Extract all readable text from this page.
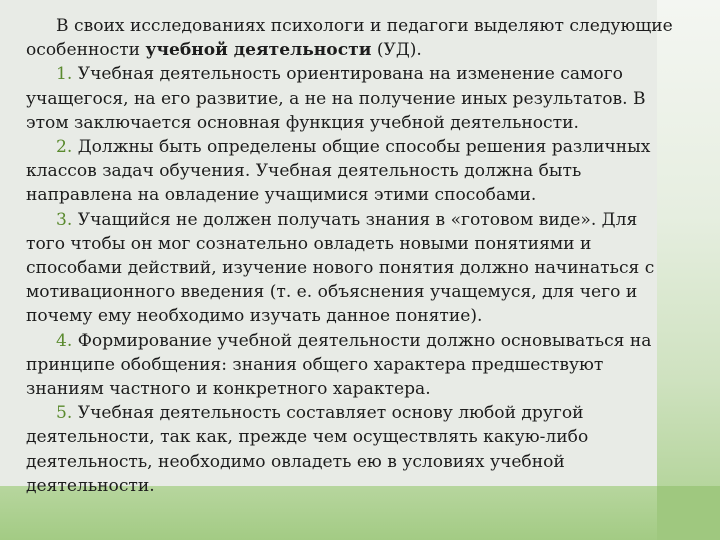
В своих исследованиях психологи и педагоги выделяют следующие особенности учебной деятельности (УД).

1. Учебная деятельность ориентирована на изменение самого учащегося, на его развитие, а не на получение иных результатов. В этом заключается основная функция учебной деятельности.

2. Должны быть определены общие способы решения различных классов задач обучения. Учебная деятельность должна быть направлена на овладение учащимися этими способами.

3. Учащийся не должен получать знания в «готовом виде». Для того чтобы он мог сознательно овладеть новыми понятиями и способами действий, изучение нового понятия должно начинаться с мотивационного введения (т. е. объяснения учащемуся, для чего и почему ему необходимо изучать данное понятие).

4. Формирование учебной деятельности должно основываться на принципе обобщения: знания общего характера предшествуют знаниям частного и конкретного характера.

5. Учебная деятельность составляет основу любой другой деятельности, так как, прежде чем осуществлять какую-либо деятельность, необходимо овладеть ею в условиях учебной деятельности.
